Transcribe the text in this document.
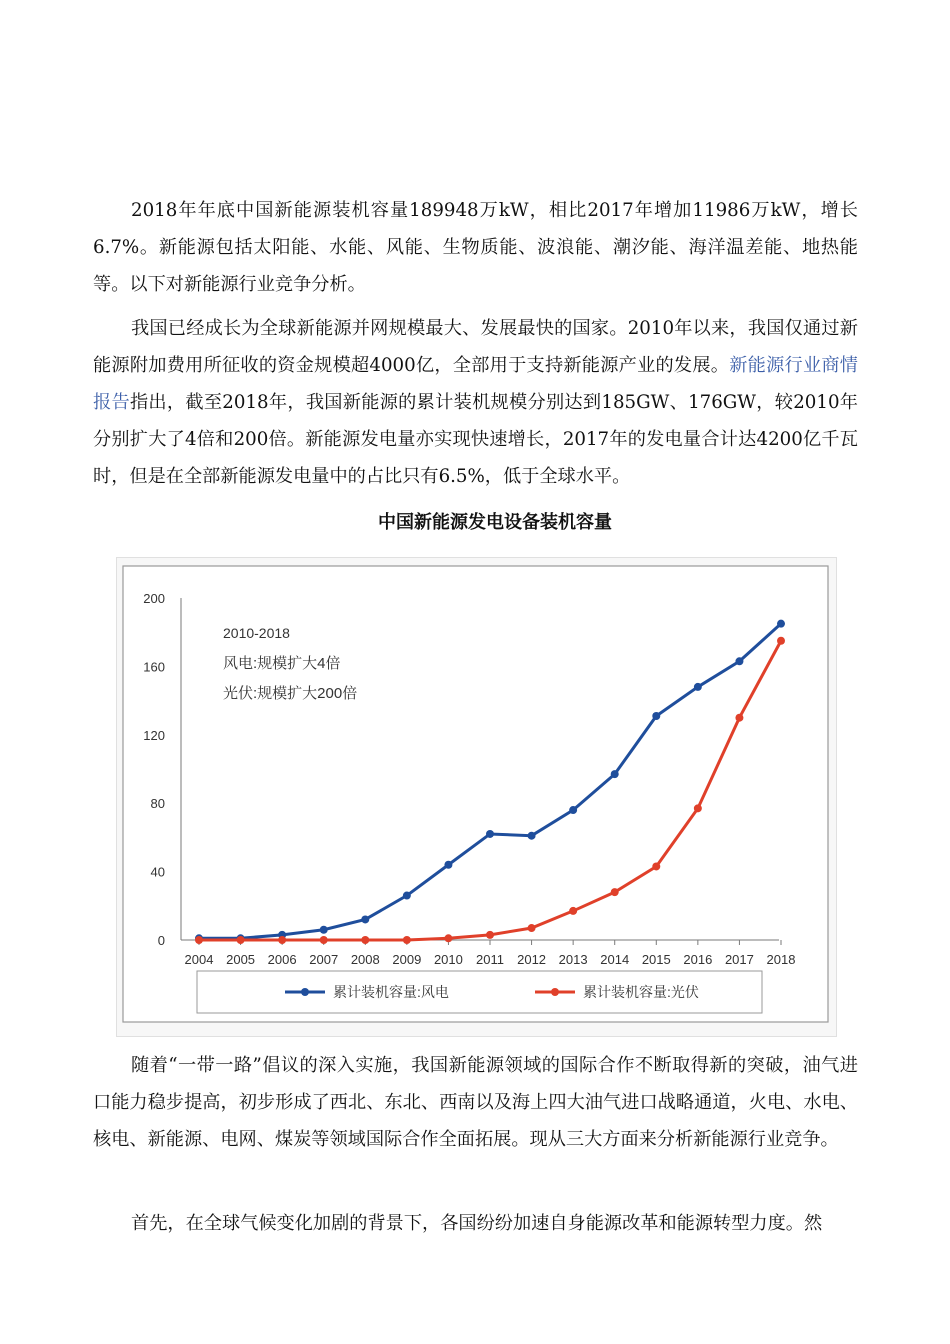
2018年年底中国新能源装机容量189948万kW，相比2017年增加11986万kW，增长6.7%。新能源包括太阳能、水能、风能、生物质能、波浪能、潮汐能、海洋温差能、地热能等。以下对新能源行业竞争分析。

我国已经成长为全球新能源并网规模最大、发展最快的国家。2010年以来，我国仅通过新能源附加费用所征收的资金规模超4000亿，全部用于支持新能源产业的发展。新能源行业商情报告指出，截至2018年，我国新能源的累计装机规模分别达到185GW、176GW，较2010年分别扩大了4倍和200倍。新能源发电量亦实现快速增长，2017年的发电量合计达4200亿千瓦时，但是在全部新能源发电量中的占比只有6.5%，低于全球水平。

中国新能源发电设备装机容量

0
40
80
120
160
200
2004 2005 2006 2007 2008 2009 2010 2011 2012 2013 2014 2015 2016 2017 2018
2010-2018
风电:规模扩大4倍
光伏:规模扩大200倍
累计装机容量:风电	累计装机容量:光伏

随着“一带一路”倡议的深入实施，我国新能源领域的国际合作不断取得新的突破，油气进口能力稳步提高，初步形成了西北、东北、西南以及海上四大油气进口战略通道，火电、水电、核电、新能源、电网、煤炭等领域国际合作全面拓展。现从三大方面来分析新能源行业竞争。

首先，在全球气候变化加剧的背景下，各国纷纷加速自身能源改革和能源转型力度。然
